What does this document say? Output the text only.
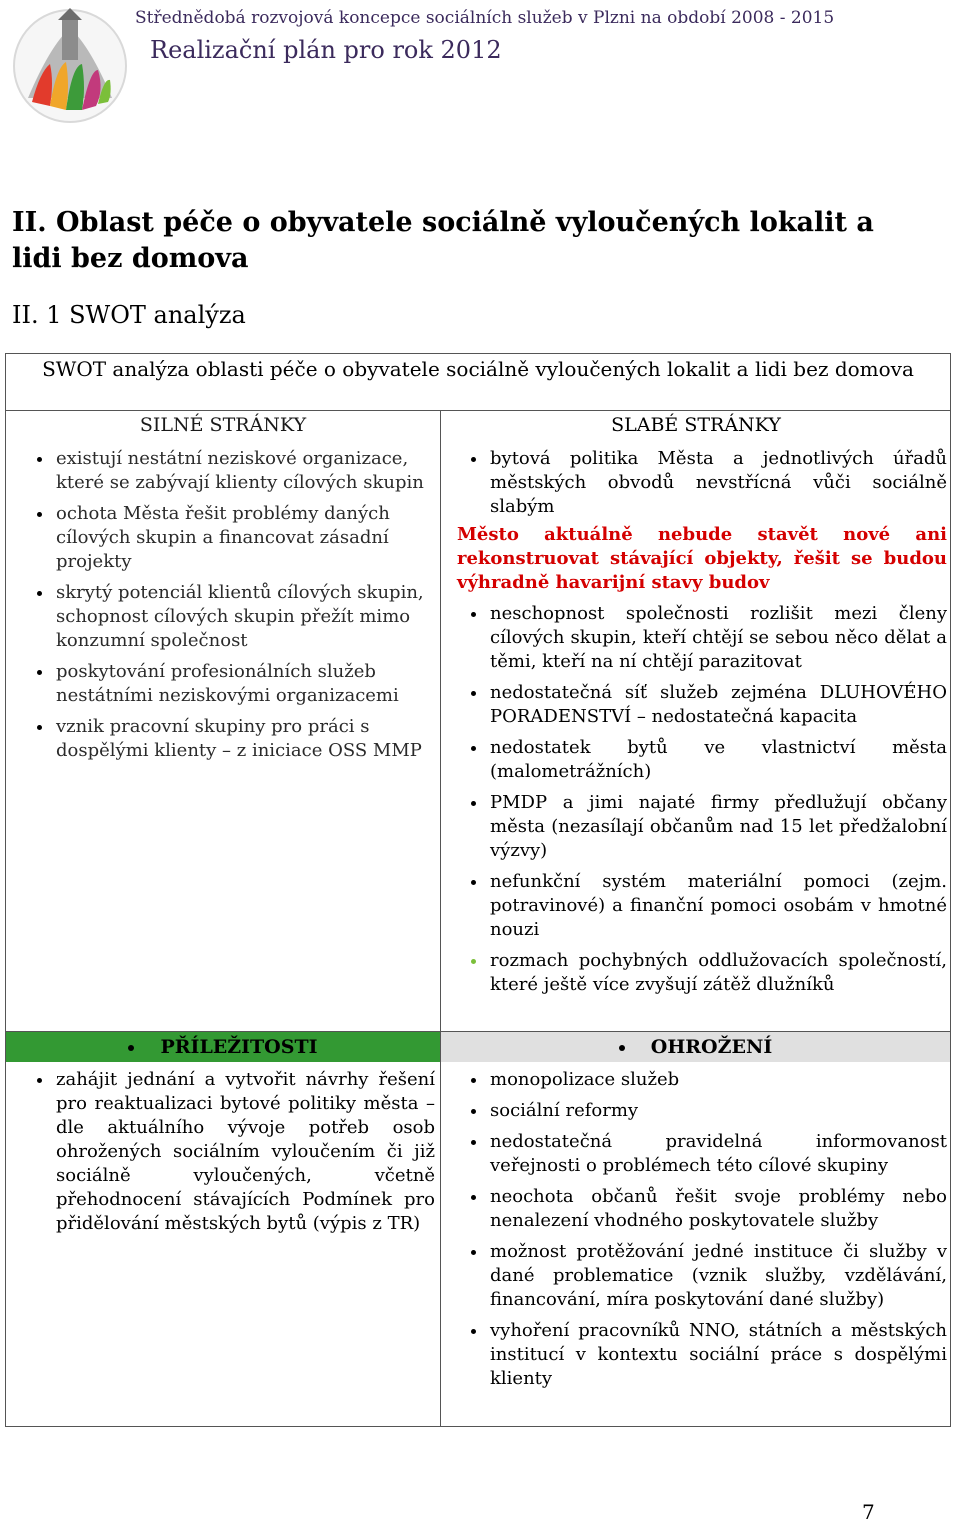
Střednědobá rozvojová koncepce sociálních služeb v Plzni na období 2008 - 2015
Realizační plán pro rok 2012
II. Oblast péče o obyvatele sociálně vyloučených lokalit a lidi bez domova
II. 1 SWOT analýza
SWOT analýza oblasti péče o obyvatele sociálně vyloučených lokalit a lidi bez domova
SILNÉ STRÁNKY	SLABÉ STRÁNKY
existují nestátní neziskové organizace, které se zabývají klienty cílových skupin
ochota Města řešit problémy daných cílových skupin a financovat zásadní projekty
skrytý potenciál klientů cílových skupin, schopnost cílových skupin přežít mimo konzumní společnost
poskytování profesionálních služeb nestátními neziskovými organizacemi
vznik pracovní skupiny pro práci s dospělými klienty – z iniciace OSS MMP
bytová politika Města a jednotlivých úřadů městských obvodů nevstřícná vůči sociálně slabým
Město aktuálně nebude stavět nové ani rekonstruovat stávající objekty, řešit se budou výhradně havarijní stavy budov
neschopnost společnosti rozlišit mezi členy cílových skupin, kteří chtějí se sebou něco dělat a těmi, kteří na ní chtějí parazitovat
nedostatečná síť služeb zejména DLUHOVÉHO PORADENSTVÍ – nedostatečná kapacita
nedostatek bytů ve vlastnictví města (malometrážních)
PMDP a jimi najaté firmy předlužují občany města (nezasílají občanům nad 15 let předžalobní výzvy)
nefunkční systém materiální pomoci (zejm. potravinové) a finanční pomoci osobám v hmotné nouzi
rozmach pochybných oddlužovacích společností, které ještě více zvyšují zátěž dlužníků
PŘÍLEŽITOSTI	OHROŽENÍ
zahájit jednání a vytvořit návrhy řešení pro reaktualizaci bytové politiky města – dle aktuálního vývoje potřeb osob ohrožených sociálním vyloučením či již sociálně vyloučených, včetně přehodnocení stávajících Podmínek pro přidělování městských bytů (výpis z TR)
monopolizace služeb
sociální reformy
nedostatečná pravidelná informovanost veřejnosti o problémech této cílové skupiny
neochota občanů řešit svoje problémy nebo nenalezení vhodného poskytovatele služby
možnost protěžování jedné instituce či služby v dané problematice (vznik služby, vzdělávání, financování, míra poskytování dané služby)
vyhoření pracovníků NNO, státních a městských institucí v kontextu sociální práce s dospělými klienty
7
